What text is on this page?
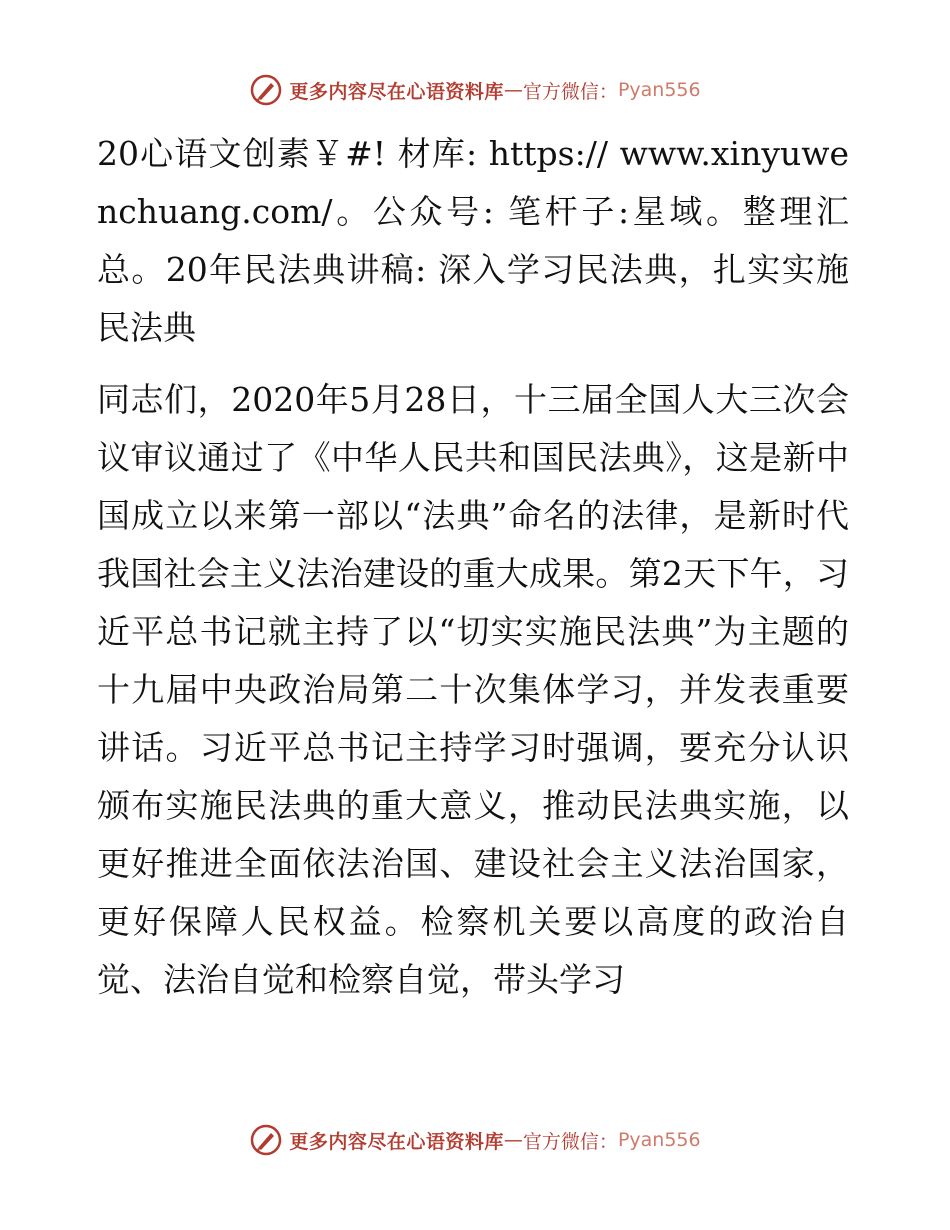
更多内容尽在心语资料库 — 官方微信： Pyan556

20心语文创素￥#! 材库: https:// www.xinyuwenchuang.com/。公众号: 笔杆子:星域。整理汇总。20年民法典讲稿: 深入学习民法典，扎实实施民法典

同志们，2020年5月28日，十三届全国人大三次会议审议通过了《中华人民共和国民法典》，这是新中国成立以来第一部以“法典”命名的法律，是新时代我国社会主义法治建设的重大成果。第2天下午，习近平总书记就主持了以“切实实施民法典”为主题的十九届中央政治局第二十次集体学习，并发表重要讲话。习近平总书记主持学习时强调，要充分认识颁布实施民法典的重大意义，推动民法典实施，以更好推进全面依法治国、建设社会主义法治国家，更好保障人民权益。检察机关要以高度的政治自觉、法治自觉和检察自觉，带头学习

更多内容尽在心语资料库 — 官方微信： Pyan556
